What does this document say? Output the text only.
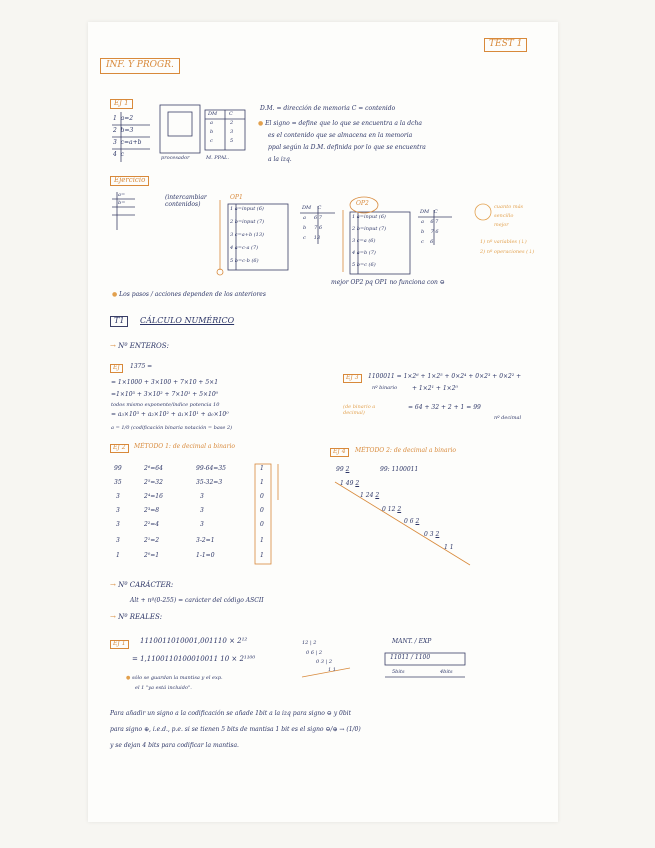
TEST 1
INF. Y PROGR.
EJ 1
1 a=2
2 b=3
3 c=a+b
4 c	procesador	M. PPAL.
DM C
a	2
b	3
c	5
D.M. = dirección de memoria C = contenido
● El signo = define que lo que se encuentra a la dcha
es el contenido que se almacena en la memoria
ppal según la D.M. definida por lo que se encuentra
a la izq.
Ejercicio
a=
b=
(intercambiar contenidos)
OP1
1 a=input (6)
2 b=input (7)
3 c=a+b (13)
4 a=c-a (7)
5 b=c-b (6)
DM C
a 6 7
b 7 6
c 13
OP2
1 a=input (6)
2 b=input (7)
3 c=a (6)
4 a=b (7)
5 b=c (6)
DM C
a 6 7
b 7 6
c 6
cuanto más
sencillo
mejor
1) nº variables (↓)
2) nº operaciones (↓)
mejor OP2 pq OP1 no funciona con ⊖
● Los pasos / acciones dependen de los anteriores
T1	CÁLCULO NUMÉRICO
→ Nº ENTEROS:
EJ	1375 =
= 1×1000 + 3×100 + 7×10 + 5×1
=1×10³ + 3×10² + 7×10¹ + 5×10⁰
todos mismo exponente/índice potencia 10
= a₃×10³ + a₂×10² + a₁×10¹ + a₀×10⁰
a = 1/0 (codificación binaria notación = base 2)
EJ 2	MÉTODO 1: de decimal a binario
99	2⁶=64	99-64=35	1
35	2⁵=32	35-32=3	1
3	2⁴=16	3	0
3	2³=8	3	0
3	2²=4	3	0
3	2¹=2	3-2=1	1
1	2⁰=1	1-1=0	1
EJ 3	1100011 = 1×2⁶ + 1×2⁵ + 0×2⁴ + 0×2³ + 0×2² +
nº binario + 1×2¹ + 1×2⁰
(de binario a decimal)
= 64 + 32 + 2 + 1 = 99
nº decimal
EJ 4	MÉTODO 2: de decimal a binario
99: 1100011
99 2
1 49 2
1 24 2
0 12 2
0 6 2
0 3 2
1 1
→ Nº CARÁCTER:
Alt + nº(0-255) = carácter del código ASCII
→ Nº REALES:
EJ 1	1110011010001,001110 × 2¹²
= 1,1100110100010011 10 × 2¹¹⁰⁰
12 | 2
0 6 | 2
0 3 | 2
1 1
MANT. / EXP
11011 / 1100
5bits	4bits
● sólo se guardan la mantisa y el exp.
el 1 "ya está incluido".
Para añadir un signo a la codificación se añade 1bit a la izq para signo ⊖ y 0bit
para signo ⊕, i.e.d., p.e. si se tienen 5 bits de mantisa 1 bit es el signo ⊖/⊕ → (1/0)
y se dejan 4 bits para codificar la mantisa.
